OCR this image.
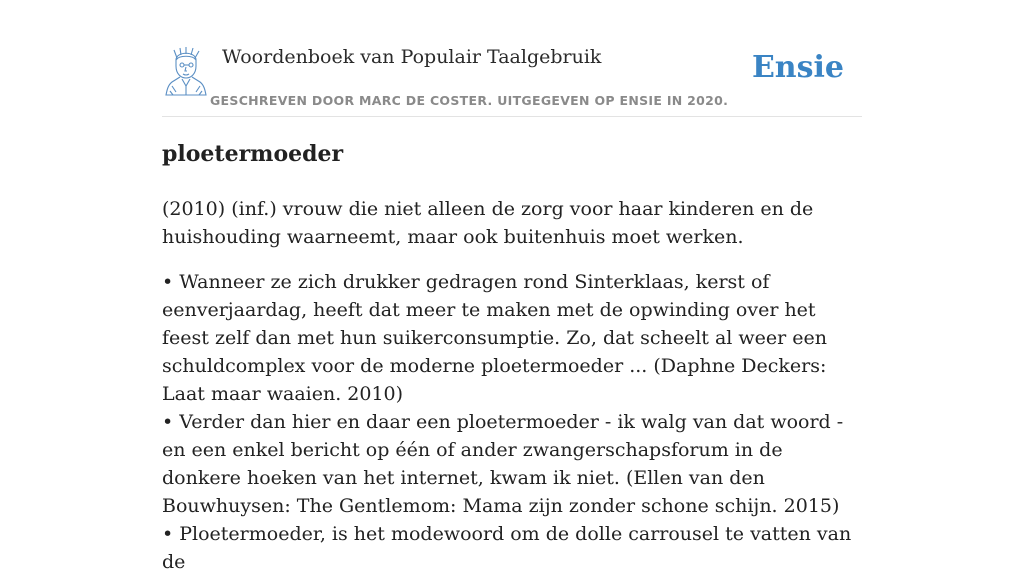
Woordenboek van Populair Taalgebruik
GESCHREVEN DOOR MARC DE COSTER. UITGEGEVEN OP ENSIE IN 2020.
Ensie
ploetermoeder

(2010) (inf.) vrouw die niet alleen de zorg voor haar kinderen en de huishouding waarneemt, maar ook buitenhuis moet werken.

• Wanneer ze zich drukker gedragen rond Sinterklaas, kerst of eenverjaardag, heeft dat meer te maken met de opwinding over het feest zelf dan met hun suikerconsumptie. Zo, dat scheelt al weer een schuldcomplex voor de moderne ploetermoeder ... (Daphne Deckers: Laat maar waaien. 2010)

• Verder dan hier en daar een ploetermoeder - ik walg van dat woord - en een enkel bericht op één of ander zwangerschapsforum in de donkere hoeken van het internet, kwam ik niet. (Ellen van den Bouwhuysen: The Gentlemom: Mama zijn zonder schone schijn. 2015)

• Ploetermoeder, is het modewoord om de dolle carrousel te vatten van de
